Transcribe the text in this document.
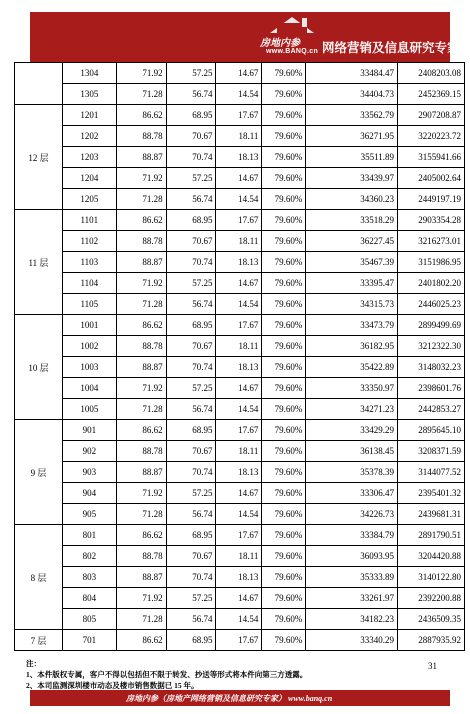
房地内参
www.BANQ.cn 网络营销及信息研究专家
	1304	71.92	57.25	14.67	79.60%	33484.47	2408203.08
	1305	71.28	56.74	14.54	79.60%	34404.73	2452369.15
12 层	1201	86.62	68.95	17.67	79.60%	33562.79	2907208.87
	1202	88.78	70.67	18.11	79.60%	36271.95	3220223.72
	1203	88.87	70.74	18.13	79.60%	35511.89	3155941.66
	1204	71.92	57.25	14.67	79.60%	33439.97	2405002.64
	1205	71.28	56.74	14.54	79.60%	34360.23	2449197.19
11 层	1101	86.62	68.95	17.67	79.60%	33518.29	2903354.28
	1102	88.78	70.67	18.11	79.60%	36227.45	3216273.01
	1103	88.87	70.74	18.13	79.60%	35467.39	3151986.95
	1104	71.92	57.25	14.67	79.60%	33395.47	2401802.20
	1105	71.28	56.74	14.54	79.60%	34315.73	2446025.23
10 层	1001	86.62	68.95	17.67	79.60%	33473.79	2899499.69
	1002	88.78	70.67	18.11	79.60%	36182.95	3212322.30
	1003	88.87	70.74	18.13	79.60%	35422.89	3148032.23
	1004	71.92	57.25	14.67	79.60%	33350.97	2398601.76
	1005	71.28	56.74	14.54	79.60%	34271.23	2442853.27
9 层	901	86.62	68.95	17.67	79.60%	33429.29	2895645.10
	902	88.78	70.67	18.11	79.60%	36138.45	3208371.59
	903	88.87	70.74	18.13	79.60%	35378.39	3144077.52
	904	71.92	57.25	14.67	79.60%	33306.47	2395401.32
	905	71.28	56.74	14.54	79.60%	34226.73	2439681.31
8 层	801	86.62	68.95	17.67	79.60%	33384.79	2891790.51
	802	88.78	70.67	18.11	79.60%	36093.95	3204420.88
	803	88.87	70.74	18.13	79.60%	35333.89	3140122.80
	804	71.92	57.25	14.67	79.60%	33261.97	2392200.88
	805	71.28	56.74	14.54	79.60%	34182.23	2436509.35
7 层	701	86.62	68.95	17.67	79.60%	33340.29	2887935.92
注：
1、本件版权专属，客户不得以包括但不限于转发、抄送等形式将本件向第三方透露。
2、本司监测深圳楼市动态及楼市销售数据已 15 年。
31
房地内参（房地产网络营销及信息研究专家） www.banq.cn
